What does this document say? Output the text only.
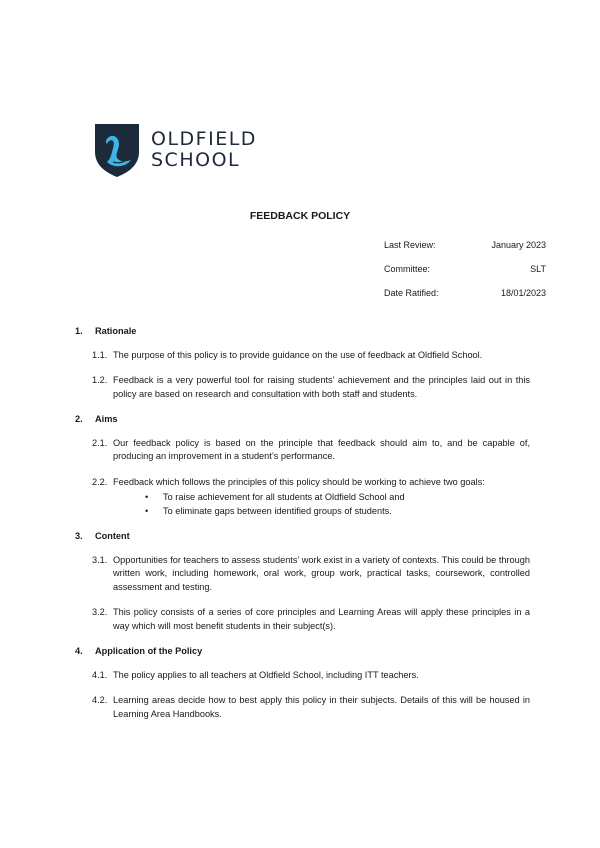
OLDFIELD
SCHOOL
FEEDBACK POLICY
Last Review:	January 2023
Committee:	SLT
Date Ratified:	18/01/2023
1.	Rationale
1.1. The purpose of this policy is to provide guidance on the use of feedback at Oldfield School.
1.2. Feedback is a very powerful tool for raising students’ achievement and the principles laid out in this policy are based on research and consultation with both staff and students.
2.	Aims
2.1. Our feedback policy is based on the principle that feedback should aim to, and be capable of, producing an improvement in a student’s performance.
2.2. Feedback which follows the principles of this policy should be working to achieve two goals:
• To raise achievement for all students at Oldfield School and
• To eliminate gaps between identified groups of students.
3.	Content
3.1. Opportunities for teachers to assess students’ work exist in a variety of contexts. This could be through written work, including homework, oral work, group work, practical tasks, coursework, controlled assessment and testing.
3.2. This policy consists of a series of core principles and Learning Areas will apply these principles in a way which will most benefit students in their subject(s).
4.	Application of the Policy
4.1. The policy applies to all teachers at Oldfield School, including ITT teachers.
4.2. Learning areas decide how to best apply this policy in their subjects. Details of this will be housed in Learning Area Handbooks.
